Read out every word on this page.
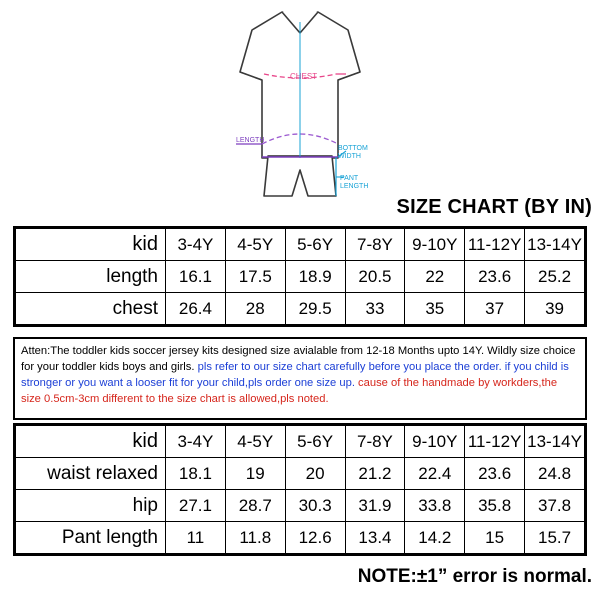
CHEST
LENGTH
BOTTOM
WIDTH
PANT
LENGTH
SIZE CHART (BY IN)
kid	3-4Y	4-5Y	5-6Y	7-8Y	9-10Y	11-12Y	13-14Y
length	16.1	17.5	18.9	20.5	22	23.6	25.2
chest	26.4	28	29.5	33	35	37	39
Atten:The toddler kids soccer jersey kits designed size avialable from 12-18 Months upto 14Y. Wildly size choice for your toddler kids boys and girls. pls refer to our size chart carefully before you place the order. if you child is stronger or you want a looser fit for your child,pls order one size up. cause of the handmade by workders,the size 0.5cm-3cm different to the size chart is allowed,pls noted.
kid	3-4Y	4-5Y	5-6Y	7-8Y	9-10Y	11-12Y	13-14Y
waist relaxed	18.1	19	20	21.2	22.4	23.6	24.8
hip	27.1	28.7	30.3	31.9	33.8	35.8	37.8
Pant length	11	11.8	12.6	13.4	14.2	15	15.7
NOTE:±1” error is normal.
